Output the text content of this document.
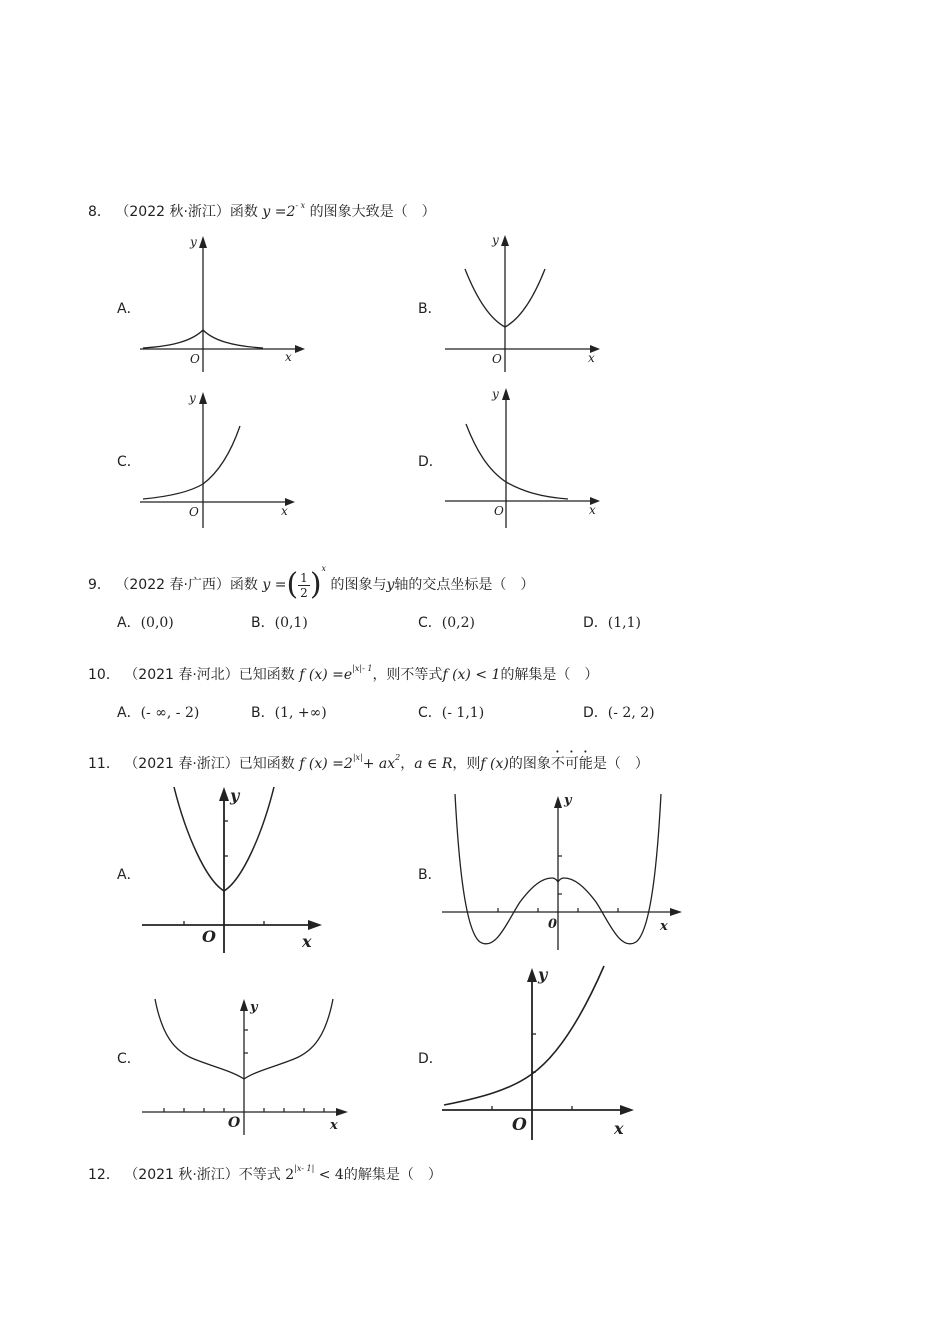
8． （2022 秋·浙江）函数 $y =2^{- x}$ 的图象大致是（　）
A．
y
x
O
B．
y
x
O
C．
y
x
O
D．
y
x
O
9． （2022 春·广西）函数 y =( $\frac{1}{2} )^x$ 的图象与y轴的交点坐标是（　）
A．(0,0)	B．(0,1)	C．(0,2)	D．(1,1)
10． （2021 春·河北）已知函数 f $(x) =e^{|x|- 1}$，则不等式f (x) < 1的解集是（　）
A．(- ∞, - 2)	B．(1, +∞)	C．(- 1,1)	D．(- 2, 2)
11． （2021 春·浙江）已知函数 f $(x) =2^{|x|}+ ax^2$，a ∈ R，则f (x)的图象不可能是（　）
A．
y
x
O
B．
y
x
0
C．
y
x
O
D．
y
x
O
12． （2021 秋·浙江）不等式 $2^{|x- 1|} < 4$的解集是（　）
